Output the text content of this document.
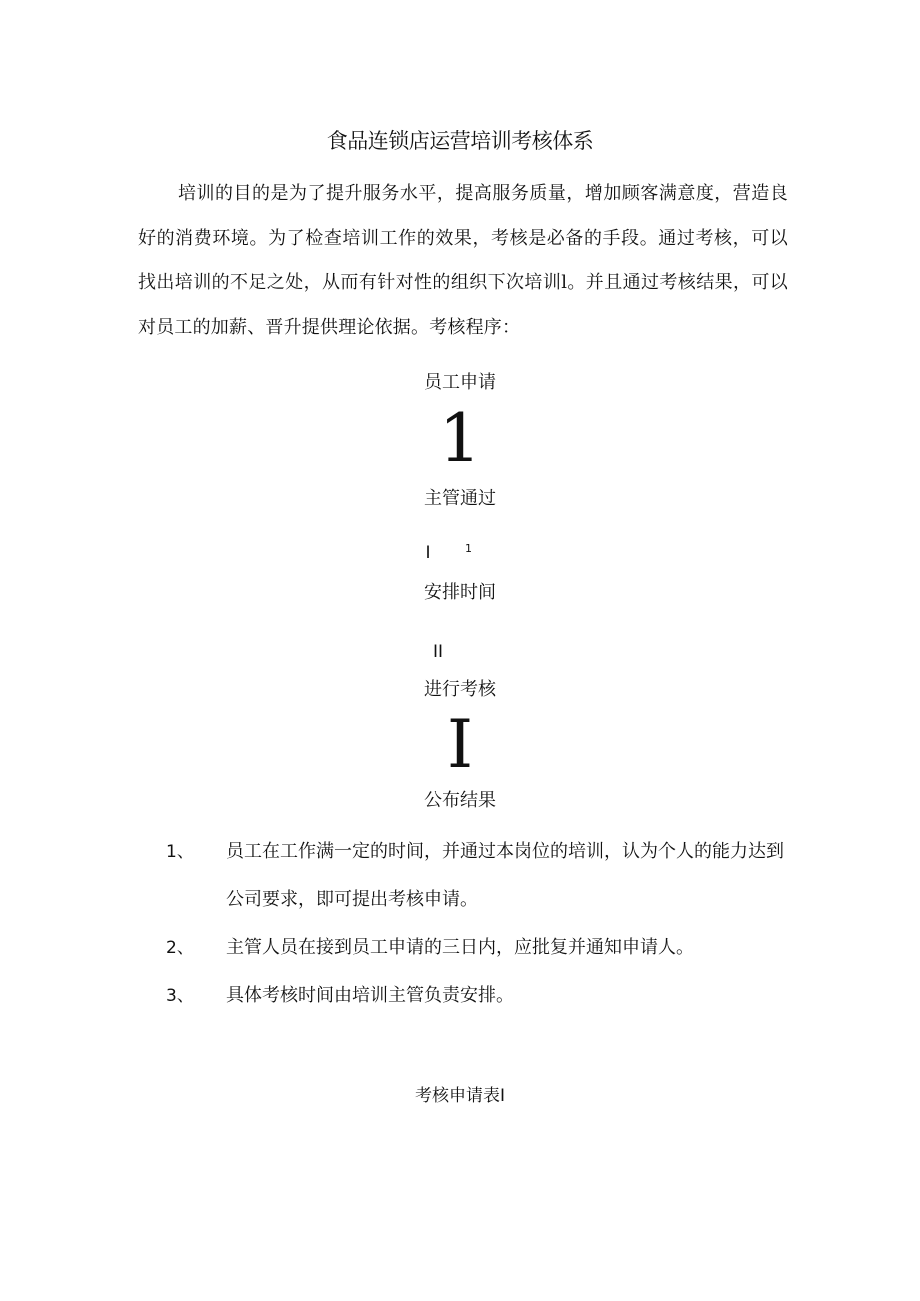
食品连锁店运营培训考核体系

培训的目的是为了提升服务水平，提高服务质量，增加顾客满意度，营造良好的消费环境。为了检查培训工作的效果，考核是必备的手段。通过考核，可以找出培训的不足之处，从而有针对性的组织下次培训l。并且通过考核结果，可以对员工的加薪、晋升提供理论依据。考核程序：

员工申请
1
主管通过
I	1
安排时间
II
进行考核
I
公布结果
1、 员工在工作满一定的时间，并通过本岗位的培训，认为个人的能力达到公司要求，即可提出考核申请。
2、 主管人员在接到员工申请的三日内，应批复并通知申请人。
3、 具体考核时间由培训主管负责安排。
考核申请表I
